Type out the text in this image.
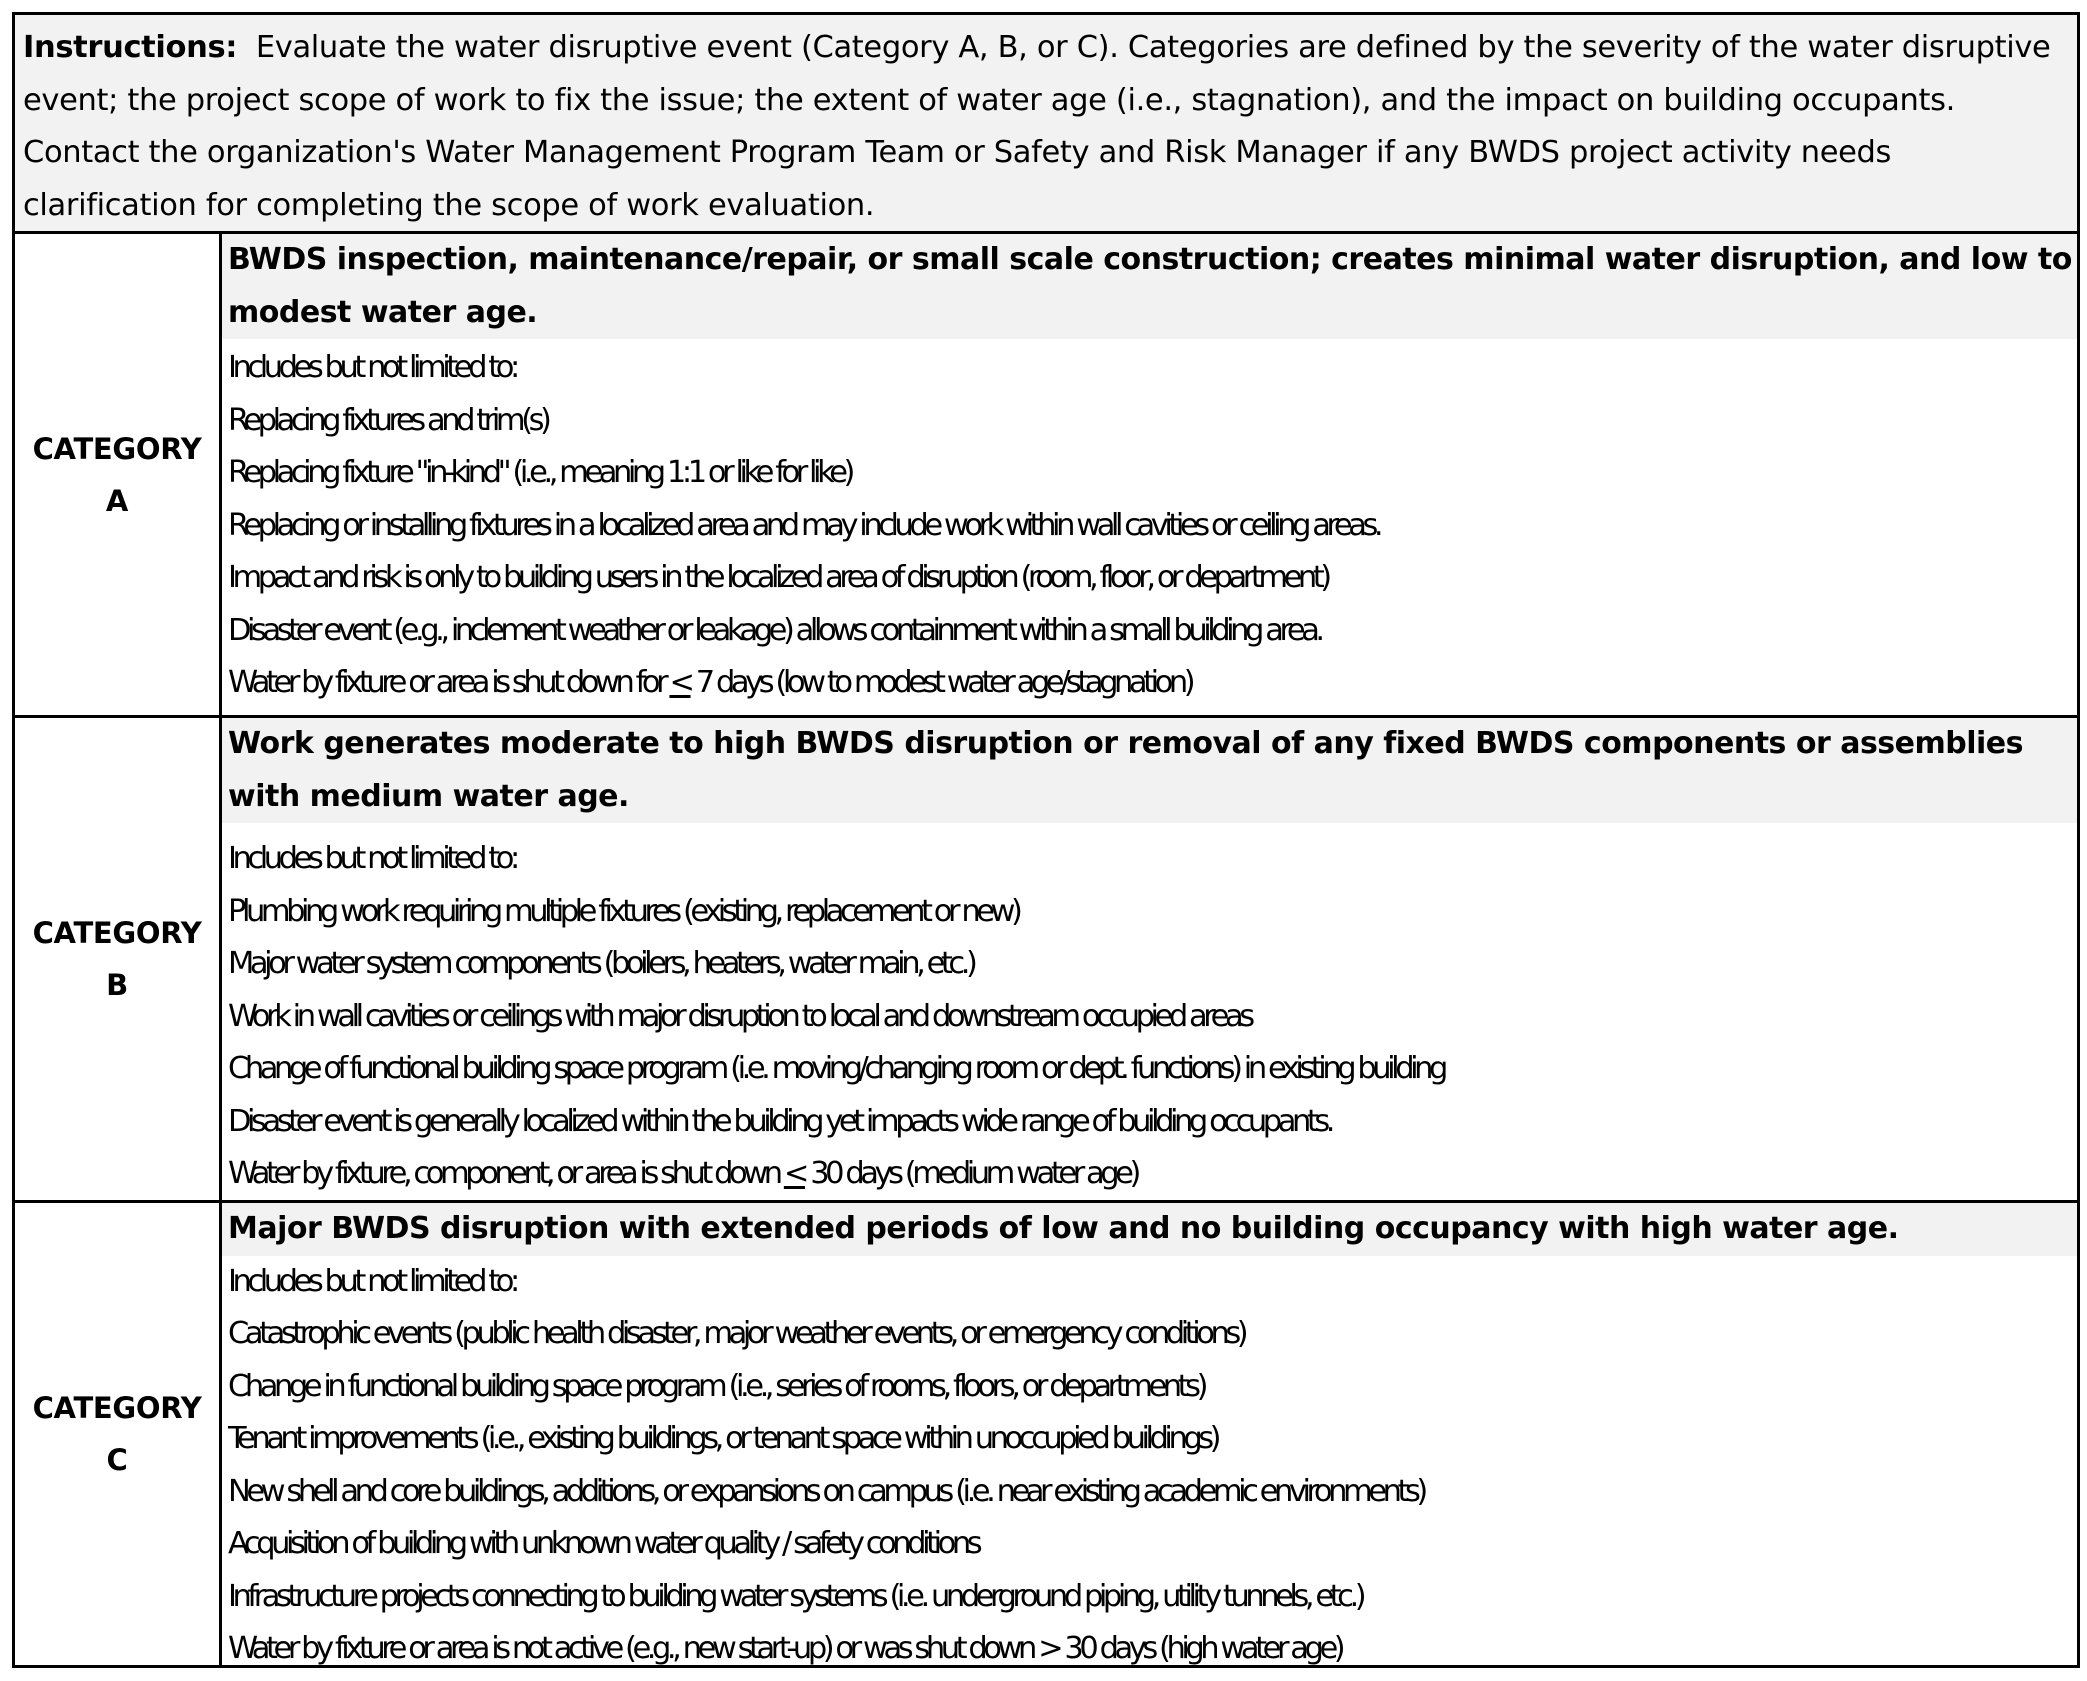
Instructions: Evaluate the water disruptive event (Category A, B, or C). Categories are defined by the severity of the water disruptive event; the project scope of work to fix the issue; the extent of water age (i.e., stagnation), and the impact on building occupants. Contact the organization's Water Management Program Team or Safety and Risk Manager if any BWDS project activity needs clarification for completing the scope of work evaluation.
CATEGORY
A
BWDS inspection, maintenance/repair, or small scale construction; creates minimal water disruption, and low to modest water age.
Includes but not limited to:
Replacing fixtures and trim(s)
Replacing fixture "in-kind" (i.e., meaning 1:1 or like for like)
Replacing or installing fixtures in a localized area and may include work within wall cavities or ceiling areas.
Impact and risk is only to building users in the localized area of disruption (room, floor, or department)
Disaster event (e.g., inclement weather or leakage) allows containment within a small building area.
Water by fixture or area is shut down for ≤ 7 days (low to modest water age/stagnation)
CATEGORY
B
Work generates moderate to high BWDS disruption or removal of any fixed BWDS components or assemblies with medium water age.
Includes but not limited to:
Plumbing work requiring multiple fixtures (existing, replacement or new)
Major water system components (boilers, heaters, water main, etc.)
Work in wall cavities or ceilings with major disruption to local and downstream occupied areas
Change of functional building space program (i.e. moving/changing room or dept. functions) in existing building
Disaster event is generally localized within the building yet impacts wide range of building occupants.
Water by fixture, component, or area is shut down ≤ 30 days (medium water age)
CATEGORY
C
Major BWDS disruption with extended periods of low and no building occupancy with high water age.
Includes but not limited to:
Catastrophic events (public health disaster, major weather events, or emergency conditions)
Change in functional building space program (i.e., series of rooms, floors, or departments)
Tenant improvements (i.e., existing buildings, or tenant space within unoccupied buildings)
New shell and core buildings, additions, or expansions on campus (i.e. near existing academic environments)
Acquisition of building with unknown water quality / safety conditions
Infrastructure projects connecting to building water systems (i.e. underground piping, utility tunnels, etc.)
Water by fixture or area is not active (e.g., new start-up) or was shut down > 30 days (high water age)
